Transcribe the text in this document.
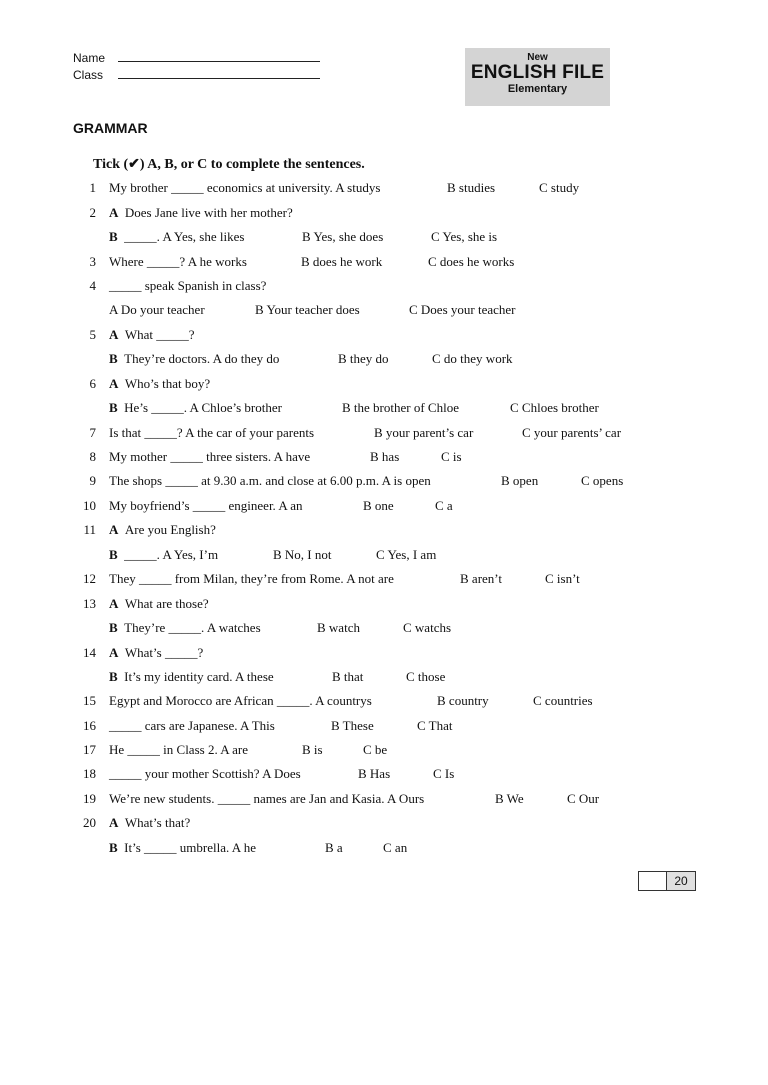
Name
Class
New
ENGLISH FILE
Elementary
GRAMMAR
Tick (✔) A, B, or C to complete the sentences.
1 My brother _____ economics at university. A studys	B studies	C study
2 A Does Jane live with her mother?
B _____. A Yes, she likes	B Yes, she does	C Yes, she is
3 Where _____? A he works	B does he work	C does he works
4 _____ speak Spanish in class?
A Do your teacher	B Your teacher does	C Does your teacher
5 A What _____?
B They’re doctors. A do they do	B they do	C do they work
6 A Who’s that boy?
B He’s _____. A Chloe’s brother	B the brother of Chloe	C Chloes brother
7 Is that _____? A the car of your parents	B your parent’s car	C your parents’ car
8 My mother _____ three sisters. A have	B has	C is
9 The shops _____ at 9.30 a.m. and close at 6.00 p.m. A is open	B open	C opens
10 My boyfriend’s _____ engineer. A an	B one	C a
11 A Are you English?
B _____. A Yes, I’m	B No, I not	C Yes, I am
12 They _____ from Milan, they’re from Rome. A not are	B aren’t	C isn’t
13 A What are those?
B They’re _____. A watches	B watch	C watchs
14 A What’s _____?
B It’s my identity card. A these	B that	C those
15 Egypt and Morocco are African _____. A countrys	B country	C countries
16 _____ cars are Japanese. A This	B These	C That
17 He _____ in Class 2. A are	B is	C be
18 _____ your mother Scottish? A Does	B Has	C Is
19 We’re new students. _____ names are Jan and Kasia. A Ours	B We	C Our
20 A What’s that?
B It’s _____ umbrella. A he	B a	C an
20
